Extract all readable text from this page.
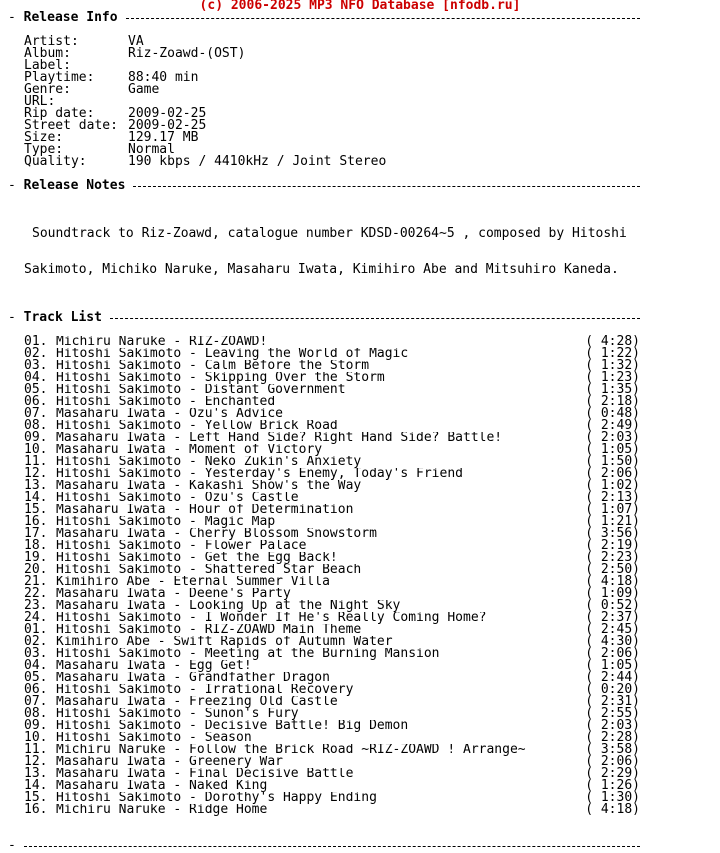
(c) 2006-2025 MP3 NFO Database [nfodb.ru]
- Release Info
Artist:	VA
Album:	Riz-Zoawd-(OST)
Label:
Playtime:	88:40 min
Genre:	Game
URL:
Rip date:	2009-02-25
Street date: 2009-02-25
Size:	129.17 MB
Type:	Normal
Quality:	190 kbps / 4410kHz / Joint Stereo
- Release Notes

Soundtrack to Riz-Zoawd, catalogue number KDSD-00264~5 , composed by Hitoshi

Sakimoto, Michiko Naruke, Masaharu Iwata, Kimihiro Abe and Mitsuhiro Kaneda.

- Track List
01. Michiru Naruke - RIZ-ZOAWD!	( 4:28)
02. Hitoshi Sakimoto - Leaving the World of Magic	( 1:22)
03. Hitoshi Sakimoto - Calm Before the Storm	( 1:32)
04. Hitoshi Sakimoto - Skipping Over the Storm	( 1:23)
05. Hitoshi Sakimoto - Distant Government	( 1:35)
06. Hitoshi Sakimoto - Enchanted	( 2:18)
07. Masaharu Iwata - Ozu's Advice	( 0:48)
08. Hitoshi Sakimoto - Yellow Brick Road	( 2:49)
09. Masaharu Iwata - Left Hand Side? Right Hand Side? Battle!	( 2:03)
10. Masaharu Iwata - Moment of Victory	( 1:05)
11. Hitoshi Sakimoto - Neko Zukin's Anxiety	( 1:50)
12. Hitoshi Sakimoto - Yesterday's Enemy, Today's Friend	( 2:06)
13. Masaharu Iwata - Kakashi Show's the Way	( 1:02)
14. Hitoshi Sakimoto - Ozu's Castle	( 2:13)
15. Masaharu Iwata - Hour of Determination	( 1:07)
16. Hitoshi Sakimoto - Magic Map	( 1:21)
17. Masaharu Iwata - Cherry Blossom Snowstorm	( 3:56)
18. Hitoshi Sakimoto - Flower Palace	( 2:19)
19. Hitoshi Sakimoto - Get the Egg Back!	( 2:23)
20. Hitoshi Sakimoto - Shattered Star Beach	( 2:50)
21. Kimihiro Abe - Eternal Summer Villa	( 4:18)
22. Masaharu Iwata - Deene's Party	( 1:09)
23. Masaharu Iwata - Looking Up at the Night Sky	( 0:52)
24. Hitoshi Sakimoto - I Wonder If He's Really Coming Home?	( 2:37)
01. Hitoshi Sakimoto - RIZ-ZOAWD Main Theme	( 2:45)
02. Kimihiro Abe - Swift Rapids of Autumn Water	( 4:30)
03. Hitoshi Sakimoto - Meeting at the Burning Mansion	( 2:06)
04. Masaharu Iwata - Egg Get!	( 1:05)
05. Masaharu Iwata - Grandfather Dragon	( 2:44)
06. Hitoshi Sakimoto - Irrational Recovery	( 0:20)
07. Masaharu Iwata - Freezing Old Castle	( 2:31)
08. Hitoshi Sakimoto - Sunon's Fury	( 2:55)
09. Hitoshi Sakimoto - Decisive Battle! Big Demon	( 2:03)
10. Hitoshi Sakimoto - Season	( 2:28)
11. Michiru Naruke - Follow the Brick Road ~RIZ-ZOAWD ! Arrange~	( 3:58)
12. Masaharu Iwata - Greenery War	( 2:06)
13. Masaharu Iwata - Final Decisive Battle	( 2:29)
14. Masaharu Iwata - Naked King	( 1:26)
15. Hitoshi Sakimoto - Dorothy's Happy Ending	( 1:30)
16. Michiru Naruke - Ridge Home	( 4:18)
-
